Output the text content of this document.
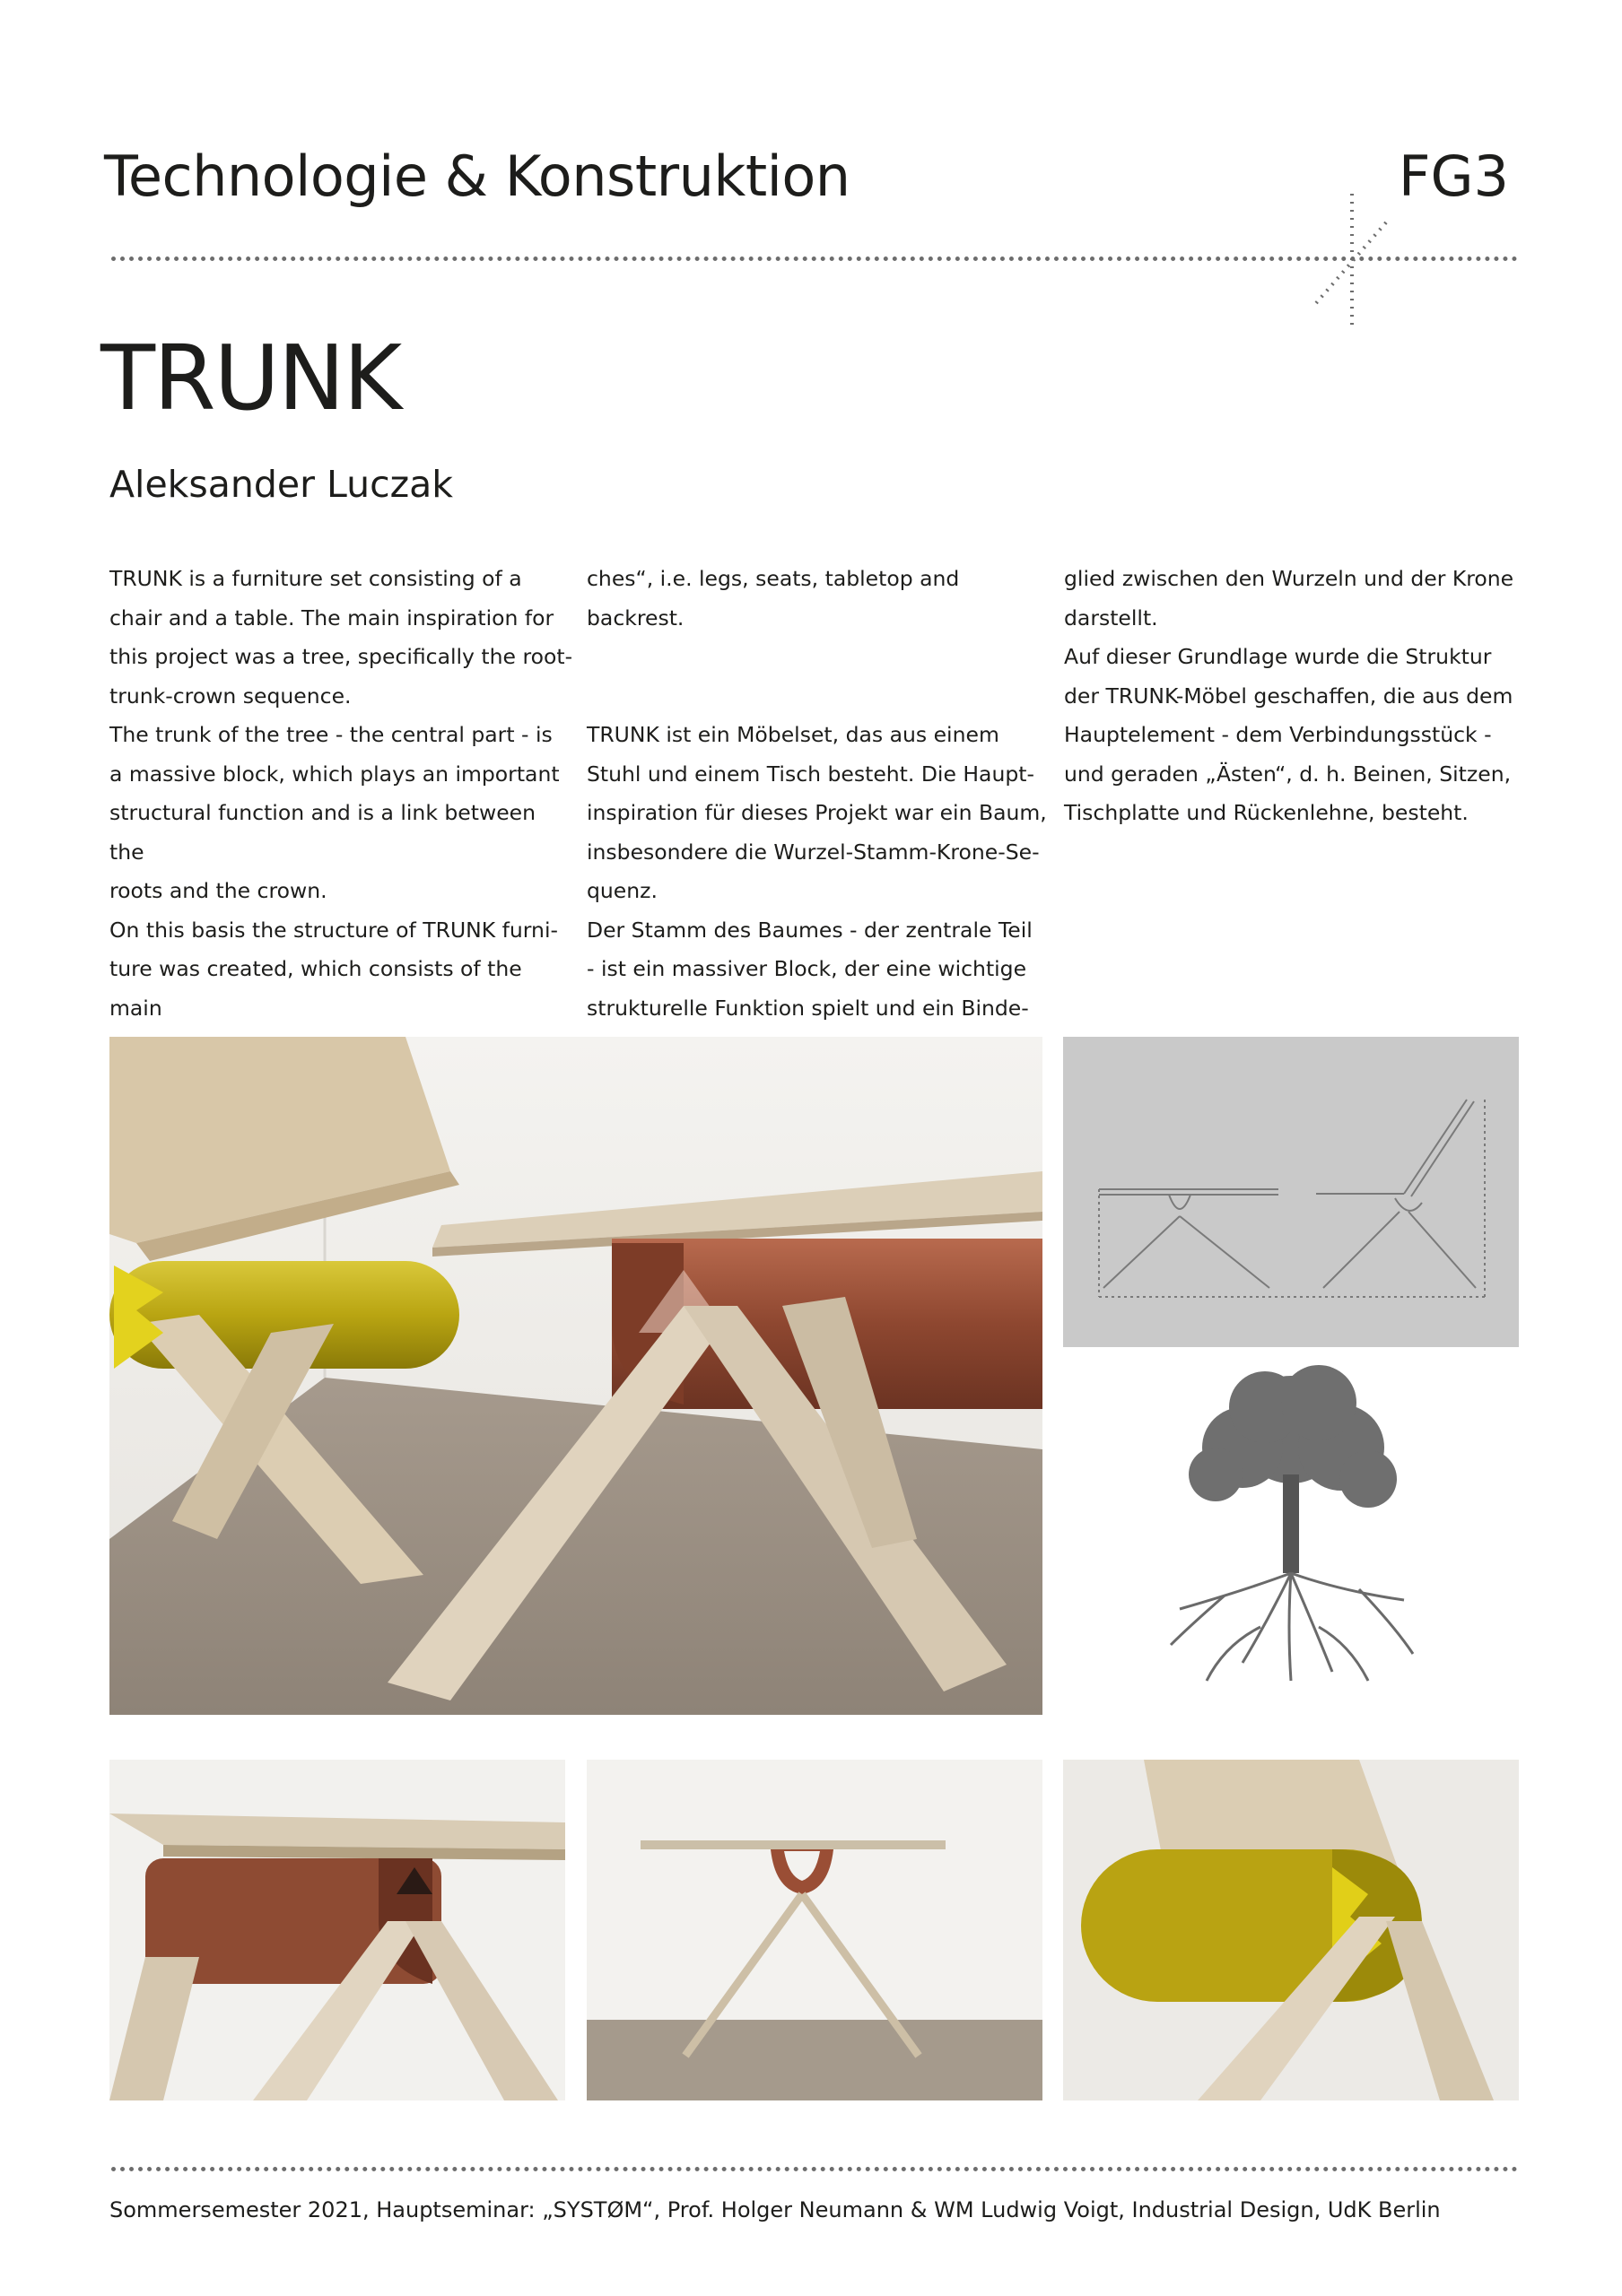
Technologie & Konstruktion	FG3
TRUNK
Aleksander Luczak
TRUNK is a furniture set consisting of a
chair and a table. The main inspiration for
this project was a tree, specifically the root-
trunk-crown sequence.
The trunk of the tree - the central part - is
a massive block, which plays an important
structural function and is a link between the
roots and the crown.
On this basis the structure of TRUNK furni-
ture was created, which consists of the main

ches“, i.e. legs, seats, tabletop and backrest.

TRUNK ist ein Möbelset, das aus einem
Stuhl und einem Tisch besteht. Die Haupt-
inspiration für dieses Projekt war ein Baum,
insbesondere die Wurzel-Stamm-Krone-Se-
quenz.
Der Stamm des Baumes - der zentrale Teil
- ist ein massiver Block, der eine wichtige
strukturelle Funktion spielt und ein Binde-
glied zwischen den Wurzeln und der Krone
darstellt.
Auf dieser Grundlage wurde die Struktur
der TRUNK-Möbel geschaffen, die aus dem
Hauptelement - dem Verbindungsstück -
und geraden „Ästen“, d. h. Beinen, Sitzen,
Tischplatte und Rückenlehne, besteht.
Sommersemester 2021, Hauptseminar: „SYSTØM“, Prof. Holger Neumann & WM Ludwig Voigt, Industrial Design, UdK Berlin
